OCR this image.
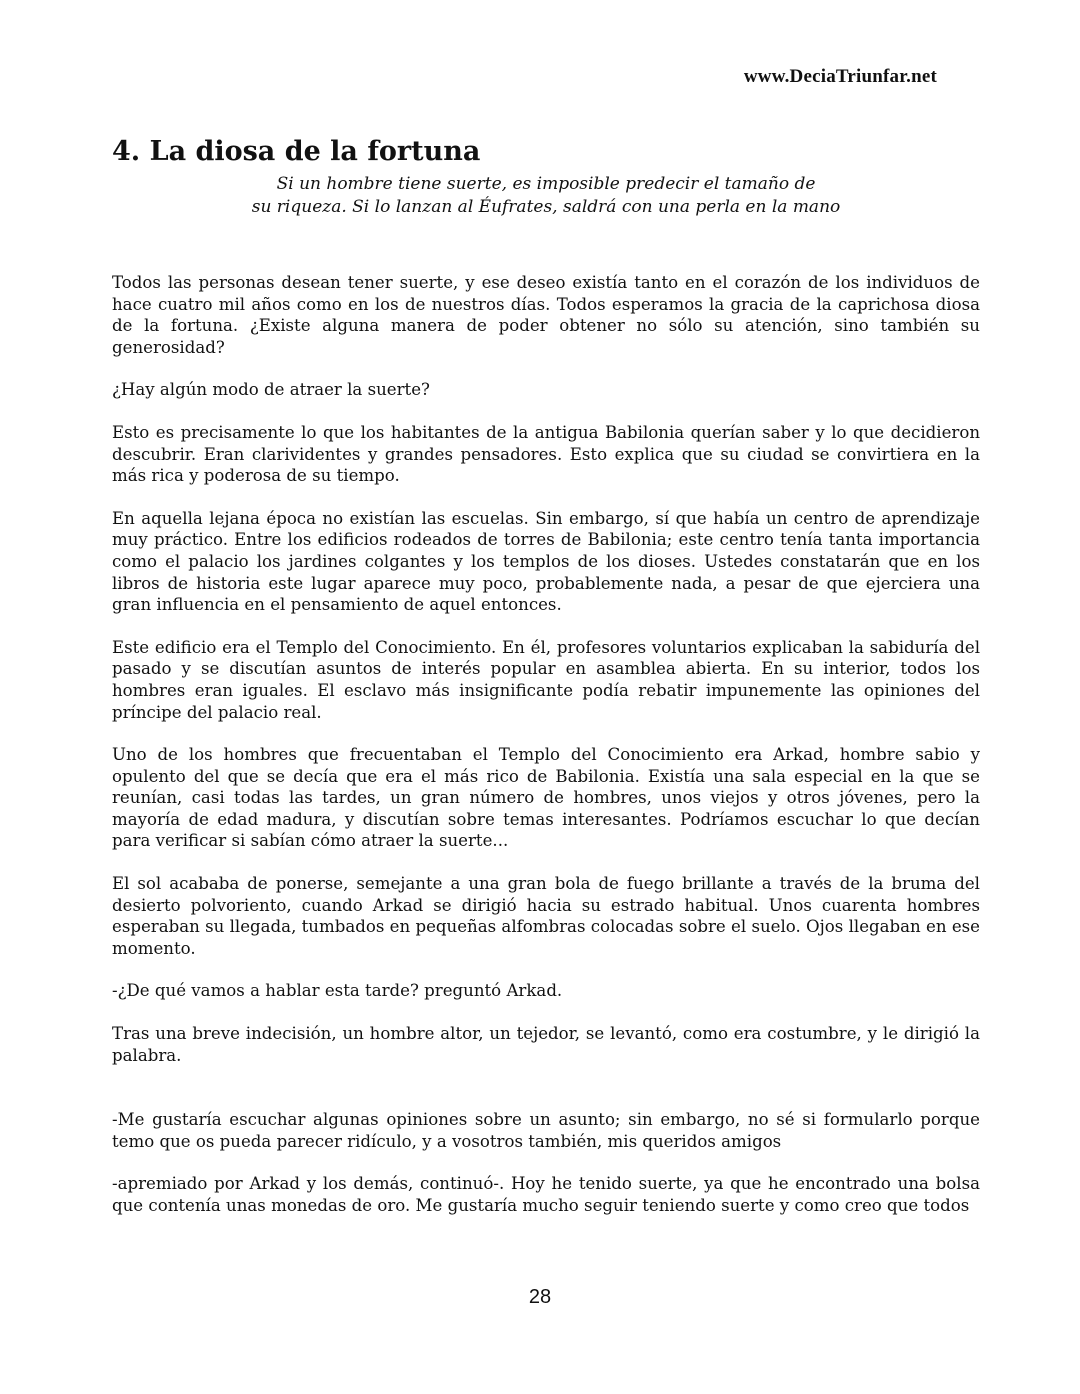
www.DeciaTriunfar.net
4. La diosa de la fortuna
Si un hombre tiene suerte, es imposible predecir el tamaño de
su riqueza. Si lo lanzan al Éufrates, saldrá con una perla en la mano

Todos las personas desean tener suerte, y ese deseo existía tanto en el corazón de los individuos de hace cuatro mil años como en los de nuestros días. Todos esperamos la gracia de la caprichosa diosa de la fortuna. ¿Existe alguna manera de poder obtener no sólo su atención, sino también su generosidad?

¿Hay algún modo de atraer la suerte?

Esto es precisamente lo que los habitantes de la antigua Babilonia querían saber y lo que decidieron descubrir. Eran clarividentes y grandes pensadores. Esto explica que su ciudad se convirtiera en la más rica y poderosa de su tiempo.

En aquella lejana época no existían las escuelas. Sin embargo, sí que había un centro de aprendizaje muy práctico. Entre los edificios rodeados de torres de Babilonia; este centro tenía tanta importancia como el palacio los jardines colgantes y los templos de los dioses. Ustedes constatarán que en los libros de historia este lugar aparece muy poco, probablemente nada, a pesar de que ejerciera una gran influencia en el pensamiento de aquel entonces.

Este edificio era el Templo del Conocimiento. En él, profesores voluntarios explicaban la sabiduría del pasado y se discutían asuntos de interés popular en asamblea abierta. En su interior, todos los hombres eran iguales. El esclavo más insignificante podía rebatir impunemente las opiniones del príncipe del palacio real.

Uno de los hombres que frecuentaban el Templo del Conocimiento era Arkad, hombre sabio y opulento del que se decía que era el más rico de Babilonia. Existía una sala especial en la que se reunían, casi todas las tardes, un gran número de hombres, unos viejos y otros jóvenes, pero la mayoría de edad madura, y discutían sobre temas interesantes. Podríamos escuchar lo que decían para verificar si sabían cómo atraer la suerte...

El sol acababa de ponerse, semejante a una gran bola de fuego brillante a través de la bruma del desierto polvoriento, cuando Arkad se dirigió hacia su estrado habitual. Unos cuarenta hombres esperaban su llegada, tumbados en pequeñas alfombras colocadas sobre el suelo. Ojos llegaban en ese momento.

-¿De qué vamos a hablar esta tarde? preguntó Arkad.

Tras una breve indecisión, un hombre altor, un tejedor, se levantó, como era costumbre, y le dirigió la palabra.

-Me gustaría escuchar algunas opiniones sobre un asunto; sin embargo, no sé si formularlo porque temo que os pueda parecer ridículo, y a vosotros también, mis queridos amigos

-apremiado por Arkad y los demás, continuó-. Hoy he tenido suerte, ya que he encontrado una bolsa que contenía unas monedas de oro. Me gustaría mucho seguir teniendo suerte y como creo que todos

28
